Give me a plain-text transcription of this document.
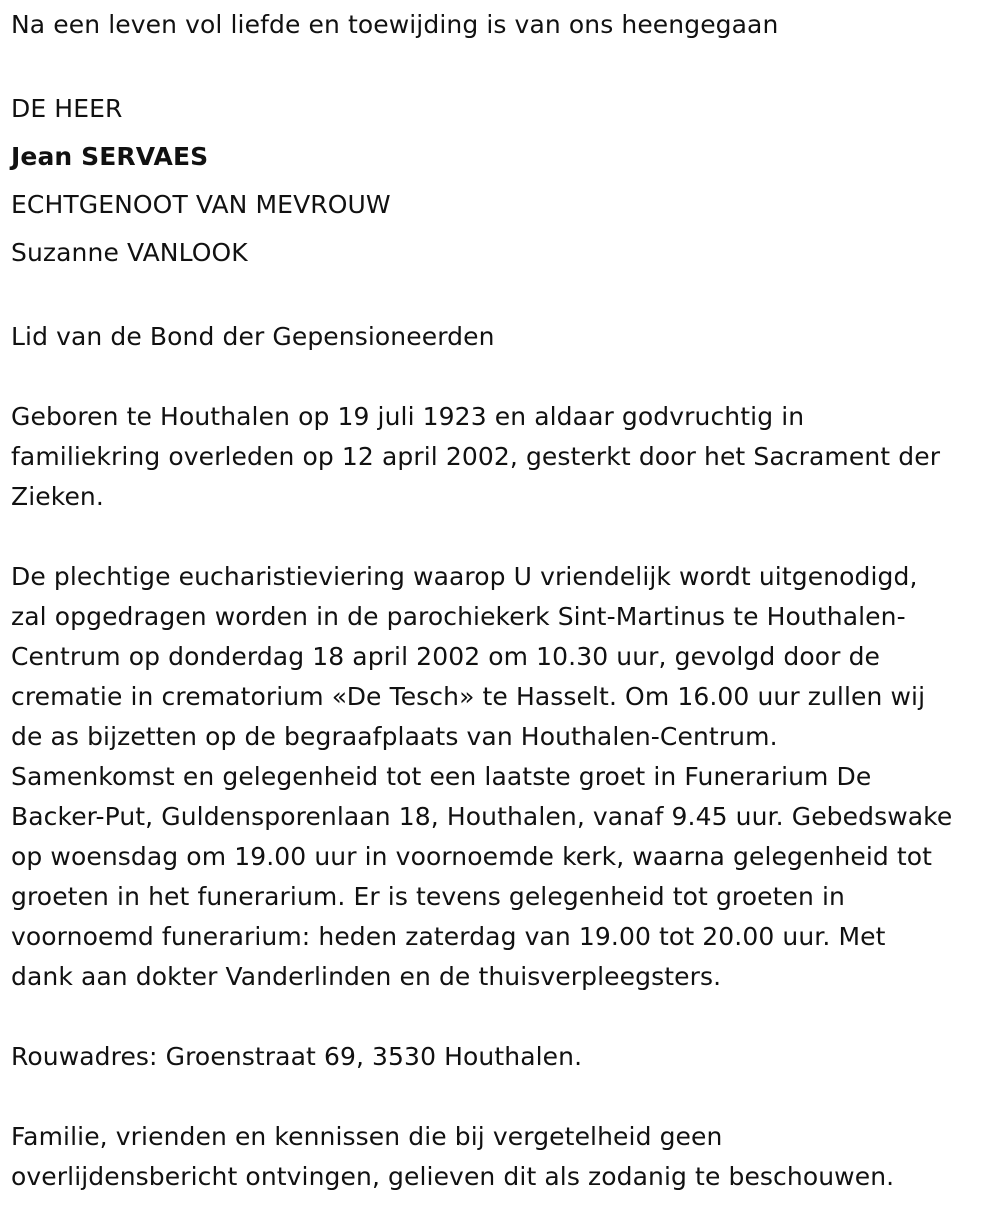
Na een leven vol liefde en toewijding is van ons heengegaan

DE HEER

Jean SERVAES

ECHTGENOOT VAN MEVROUW

Suzanne VANLOOK

Lid van de Bond der Gepensioneerden

Geboren te Houthalen op 19 juli 1923 en aldaar godvruchtig in

familiekring overleden op 12 april 2002, gesterkt door het Sacrament der

Zieken.

De plechtige eucharistieviering waarop U vriendelijk wordt uitgenodigd,

zal opgedragen worden in de parochiekerk Sint-Martinus te Houthalen-

Centrum op donderdag 18 april 2002 om 10.30 uur, gevolgd door de

crematie in crematorium «De Tesch» te Hasselt. Om 16.00 uur zullen wij

de as bijzetten op de begraafplaats van Houthalen-Centrum.

Samenkomst en gelegenheid tot een laatste groet in Funerarium De

Backer-Put, Guldensporenlaan 18, Houthalen, vanaf 9.45 uur. Gebedswake

op woensdag om 19.00 uur in voornoemde kerk, waarna gelegenheid tot

groeten in het funerarium. Er is tevens gelegenheid tot groeten in

voornoemd funerarium: heden zaterdag van 19.00 tot 20.00 uur. Met

dank aan dokter Vanderlinden en de thuisverpleegsters.

Rouwadres: Groenstraat 69, 3530 Houthalen.

Familie, vrienden en kennissen die bij vergetelheid geen

overlijdensbericht ontvingen, gelieven dit als zodanig te beschouwen.
